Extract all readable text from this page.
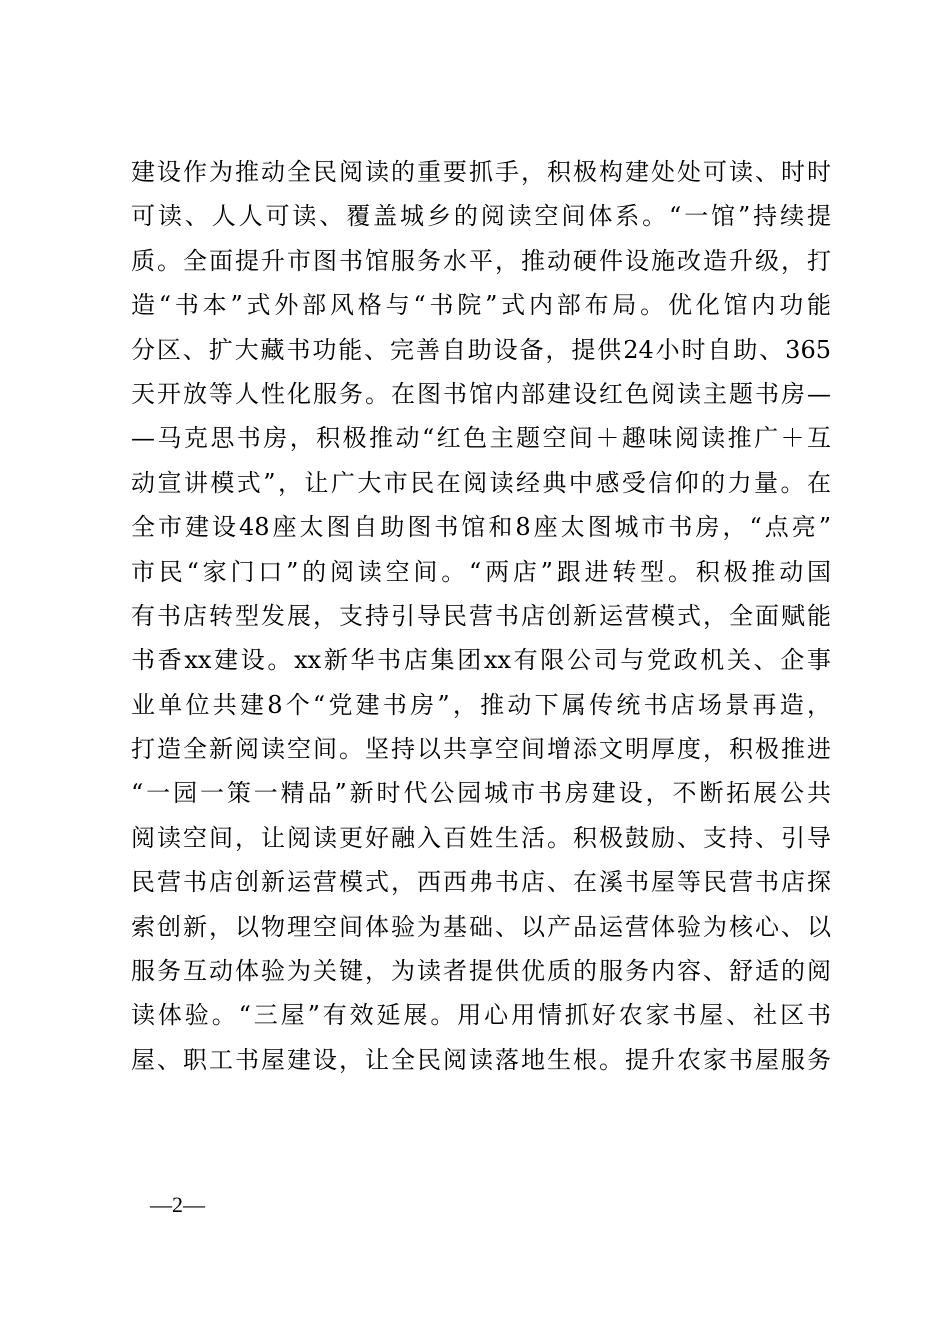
建设作为推动全民阅读的重要抓手，积极构建处处可读、时时
可读、人人可读、覆盖城乡的阅读空间体系。“一馆”持续提
质。全面提升市图书馆服务水平，推动硬件设施改造升级，打
造“书本”式外部风格与“书院”式内部布局。优化馆内功能
分区、扩大藏书功能、完善自助设备，提供24小时自助、365
天开放等人性化服务。在图书馆内部建设红色阅读主题书房—
—马克思书房，积极推动“红色主题空间＋趣味阅读推广＋互
动宣讲模式”，让广大市民在阅读经典中感受信仰的力量。在
全市建设48座太图自助图书馆和8座太图城市书房，“点亮”
市民“家门口”的阅读空间。“两店”跟进转型。积极推动国
有书店转型发展，支持引导民营书店创新运营模式，全面赋能
书香xx建设。xx新华书店集团xx有限公司与党政机关、企事
业单位共建8个“党建书房”，推动下属传统书店场景再造，
打造全新阅读空间。坚持以共享空间增添文明厚度，积极推进
“一园一策一精品”新时代公园城市书房建设，不断拓展公共
阅读空间，让阅读更好融入百姓生活。积极鼓励、支持、引导
民营书店创新运营模式，西西弗书店、在溪书屋等民营书店探
索创新，以物理空间体验为基础、以产品运营体验为核心、以
服务互动体验为关键，为读者提供优质的服务内容、舒适的阅
读体验。“三屋”有效延展。用心用情抓好农家书屋、社区书
屋、职工书屋建设，让全民阅读落地生根。提升农家书屋服务
—2—
